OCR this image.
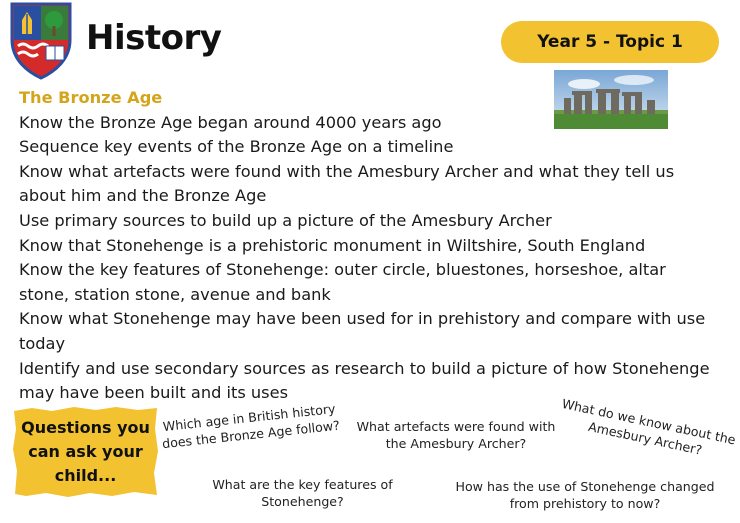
History	Year 5 - Topic 1
The Bronze Age
Know the Bronze Age began around 4000 years ago
Sequence key events of the Bronze Age on a timeline
Know what artefacts were found with the Amesbury Archer and what they tell us about him and the Bronze Age
Use primary sources to build up a picture of the Amesbury Archer
Know that Stonehenge is a prehistoric monument in Wiltshire, South England
Know the key features of Stonehenge: outer circle, bluestones, horseshoe, altar stone, station stone, avenue and bank
Know what Stonehenge may have been used for in prehistory and compare with use today
Identify and use secondary sources as research to build a picture of how Stonehenge may have been built and its uses
Questions you can ask your child...
Which age in British history does the Bronze Age follow?	What artefacts were found with the Amesbury Archer?	What do we know about the Amesbury Archer?
What are the key features of Stonehenge?
How has the use of Stonehenge changed from prehistory to now?
